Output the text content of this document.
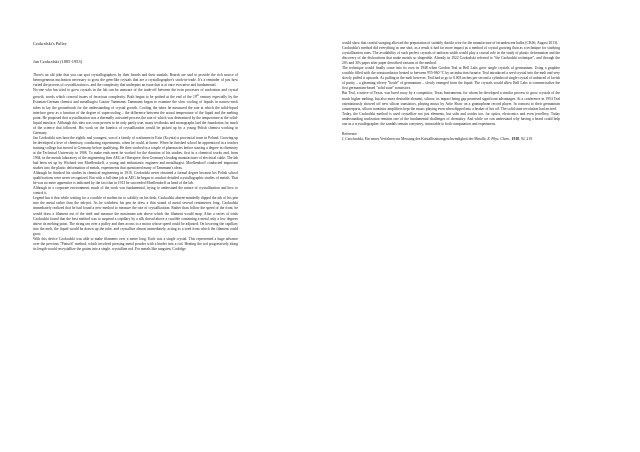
Czokralski's Pulley
Jan Czokralski (1885-1953)

There's an old joke that you can spot crystallographers by their beards and their sandals. Beards are said to provide the rich source of heterogeneous nucleation necessary to grow the gem-like crystals that are a crystallographer's stock-in-trade. It's a reminder of just how varied the process of crystallization is, and the complexity that underpins an issue that is at once evocative and fundamental.

No-one who has tried to grow crystals in the lab can be unaware of the trade-off between the twin processes of nucleation and crystal growth, words which conceal issues of ferocious complexity. Both began to be probed at the end of the 19th century especially by the Estonian-German chemist and metallurgist Gustav Tammann. Tammann began to examine the slow cooling of liquids in narrow-neck tubes to lay the groundwork for the understanding of crystal growth. Cooling the tubes he measured the rate at which the solid-liquid interface grew as a function of the degree of supercooling – the difference between the actual temperature of the liquid and the melting point. He proposed that crystallization was a thermally activated process the rate of which was determined by the temperature at the solid-liquid interface. Although this idea was soon proven to be only partly true, many textbooks and monographs laid the foundation for much of the science that followed. His work on the kinetics of crystallization would be picked up by a young Polish chemist working in Germany.

Jan Czokralski was born the eighth, and youngest, son of a family of craftsmen in Exin (Kcynia) a provincial town in Poland. Growing up he developed a love of chemistry, conducting experiments, when he could, at home. When he finished school he apprenticed in a teacher training college but moved to Germany before qualifying. He then worked in a couple of pharmacies before starting a degree in chemistry at the Technical University in 1906. To make ends meet he worked for the duration of his studies, first in a chemical works and, from 1904, in the metals laboratory of the engineering firm AEG in Oberspree, then Germany's leading manufacturer of electrical cable. The lab had been set up by Wichard von Moellendorff, a young and enthusiastic engineer and metallurgist. Moellendorff conducted important studies into the plastic deformation of metals, experiments that questioned many of Tammann's ideas.

Although he finished his studies in chemical engineering in 1910, Czokralski never obtained a formal degree because his Polish school qualifications were never recognized. But with a full time job at AEG he began to conduct detailed crystallographic studies of metals. That he was no mere apprentice is indicated by the fact that in 1913 he succeeded Moellendorff as head of the lab.

Although in a corporate environment, much of the work was fundamental, trying to understand the nature of crystallization and how to control it.

Legend has it that while waiting for a crucible of molten tin to solidify on his desk, Czokralski absent-mindedly dipped the nib of his pen into the metal rather than the ink-pot. As he withdrew his pen he drew a thin strand of metal several centimetres long. Czokralski immediately realized that he had found a new method to measure the rate of crystallization. Rather than follow the speed of the front, he would draw a filament out of the melt and measure the maximum rate above which the filament would snap. After a series of trials Czokralski found that the best method was to suspend a capillary by a silk thread above a crucible containing a metal only a few degrees above its melting point. The string ran over a pulley and then across to a motor whose speed could be adjusted. On lowering the capillary into the melt, the liquid would be drawn up the tube, and crystallize almost immediately, acting as a seed from which the filament could grow.

With this device Czokralski was able to make filaments over a metre long. Each was a single crystal. This represented a huge advance over the previous "Pintsch" method, which involved pressing metal powder with a binder into a rod. Heating the rod progressively along its length would recrystallize the grains into a single, crystalline rod. For metals like tungsten, Coolidge

would show that careful swaging allowed the preparation of suitably ductile wire for the manufacture of incandescent bulbs (CK66, August 2013).

Czokralski's method did everything in one shot, as a result it had far more impact as a method of crystal growing than as a technique for studying crystallization rates. The availability of such perfect crystals of uniform width would play a crucial role in the study of plastic deformation and the discovery of the dislocations that make metals so shapeable. Already in 1922 Czokralski referred to "the Czokralski technique", and through the 20's and 30's paper after paper described variants of the method.

The technique would finally come into its own in 1948 when Gordon Teal at Bell Labs grew single crystals of germanium. Using a graphite crucible filled with the semiconductor heated to between 955-960 °C by an induction furnace, Teal introduced a seed crystal into the melt and very slowly pulled it upwards. As pulling in the melt however, Teal had to go to 0.003 inches per second a cylindrical single crystal of unbarred of lavish of purity – a gleaming silvery "boule" of germanium – slowly emerged from the liquid. The crystals would allow Bell Labs to commercialize the first germanium-based "solid state" transistors.

But Teal, a native of Texas, was lured away by a competitor, Texas Instruments, for whom he developed a similar process to grow crystals of the much higher melting, but also more desirable element, silicon; its impact being gap promised significant advantages. At a conference in 1954 Teal ostentatiously showed off new silicon transistors, playing music by Artie Shaw on a gramophone record player. In contrast to their germanium counterparts, silicon transistor amplifiers kept the music playing even when dipped into a beaker of hot oil. The solid state revolution had arrived.

Today, the Czokralski method is used crystallize not just elements, but salts and oxides too, for optics, electronics and even jewellery. Today understanding nucleation remains one of the fundamental challenges of chemistry. And while we can understand why having a beard could help one as a crystallographer, the sandals remain a mystery, intractable to both computation and experiment.

Reference

J. Czochralski, Ein neues Verfahren zur Messung des Kristallisationsgeschwindigkeit der Metalle, Z. Phys. Chem., 1918, 92, 219.
